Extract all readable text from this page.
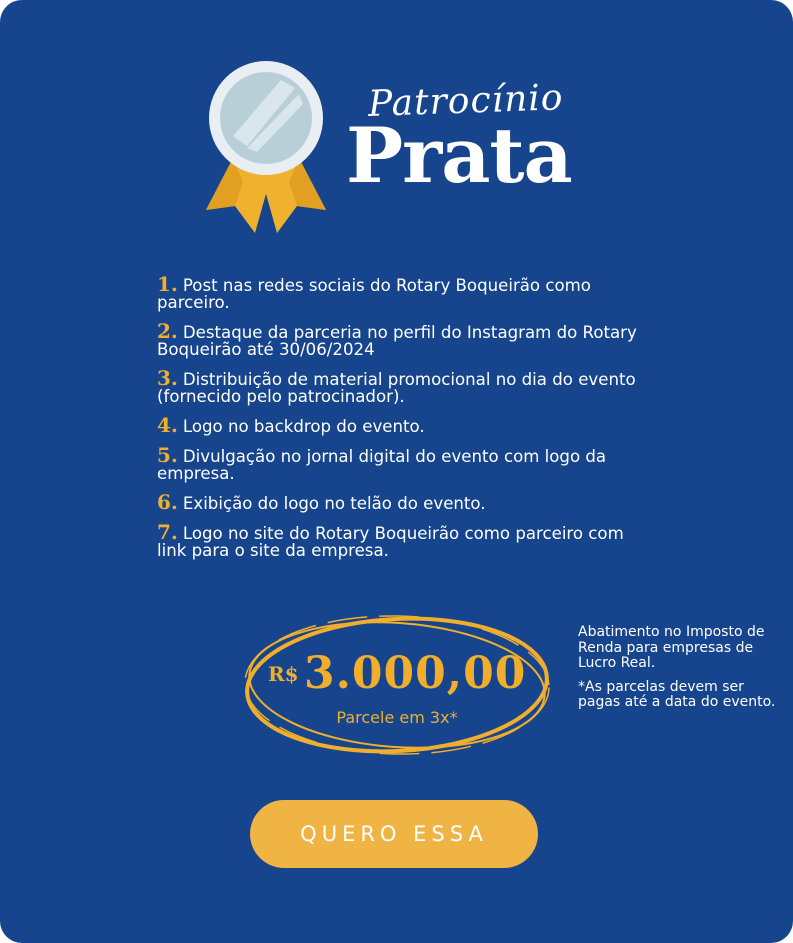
Patrocínio
Prata
1. Post nas redes sociais do Rotary Boqueirão como parceiro.
2. Destaque da parceria no perfil do Instagram do Rotary Boqueirão até 30/06/2024
3. Distribuição de material promocional no dia do evento (fornecido pelo patrocinador).
4. Logo no backdrop do evento.
5. Divulgação no jornal digital do evento com logo da empresa.
6. Exibição do logo no telão do evento.
7. Logo no site do Rotary Boqueirão como parceiro com link para o site da empresa.
R$ 3.000,00
Parcele em 3x*

Abatimento no Imposto de Renda para empresas de Lucro Real.

*As parcelas devem ser pagas até a data do evento.

QUERO ESSA
